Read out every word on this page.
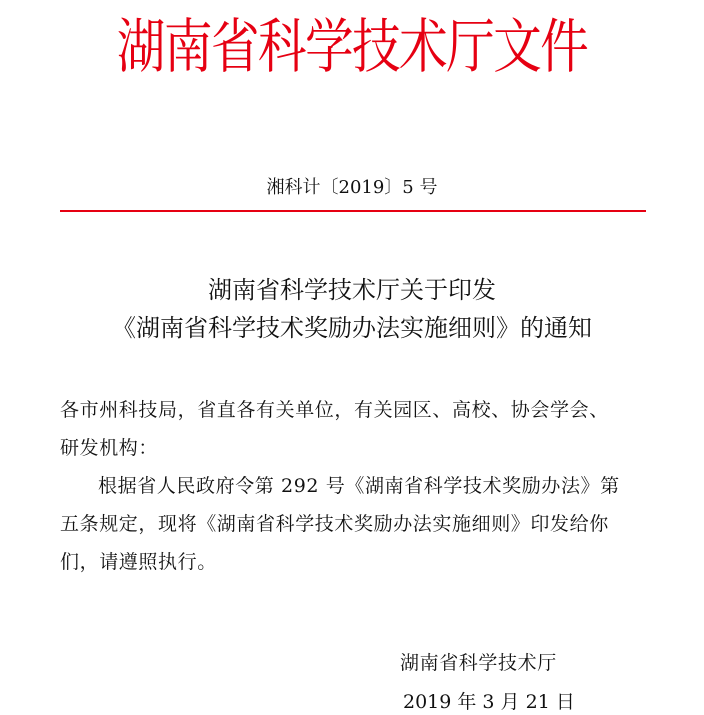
湖南省科学技术厅文件
湘科计〔2019〕5 号
湖南省科学技术厅关于印发
《湖南省科学技术奖励办法实施细则》的通知
各市州科技局，省直各有关单位，有关园区、高校、协会学会、
研发机构：
根据省人民政府令第 292 号《湖南省科学技术奖励办法》第
五条规定，现将《湖南省科学技术奖励办法实施细则》印发给你
们，请遵照执行。
湖南省科学技术厅
2019 年 3 月 21 日
